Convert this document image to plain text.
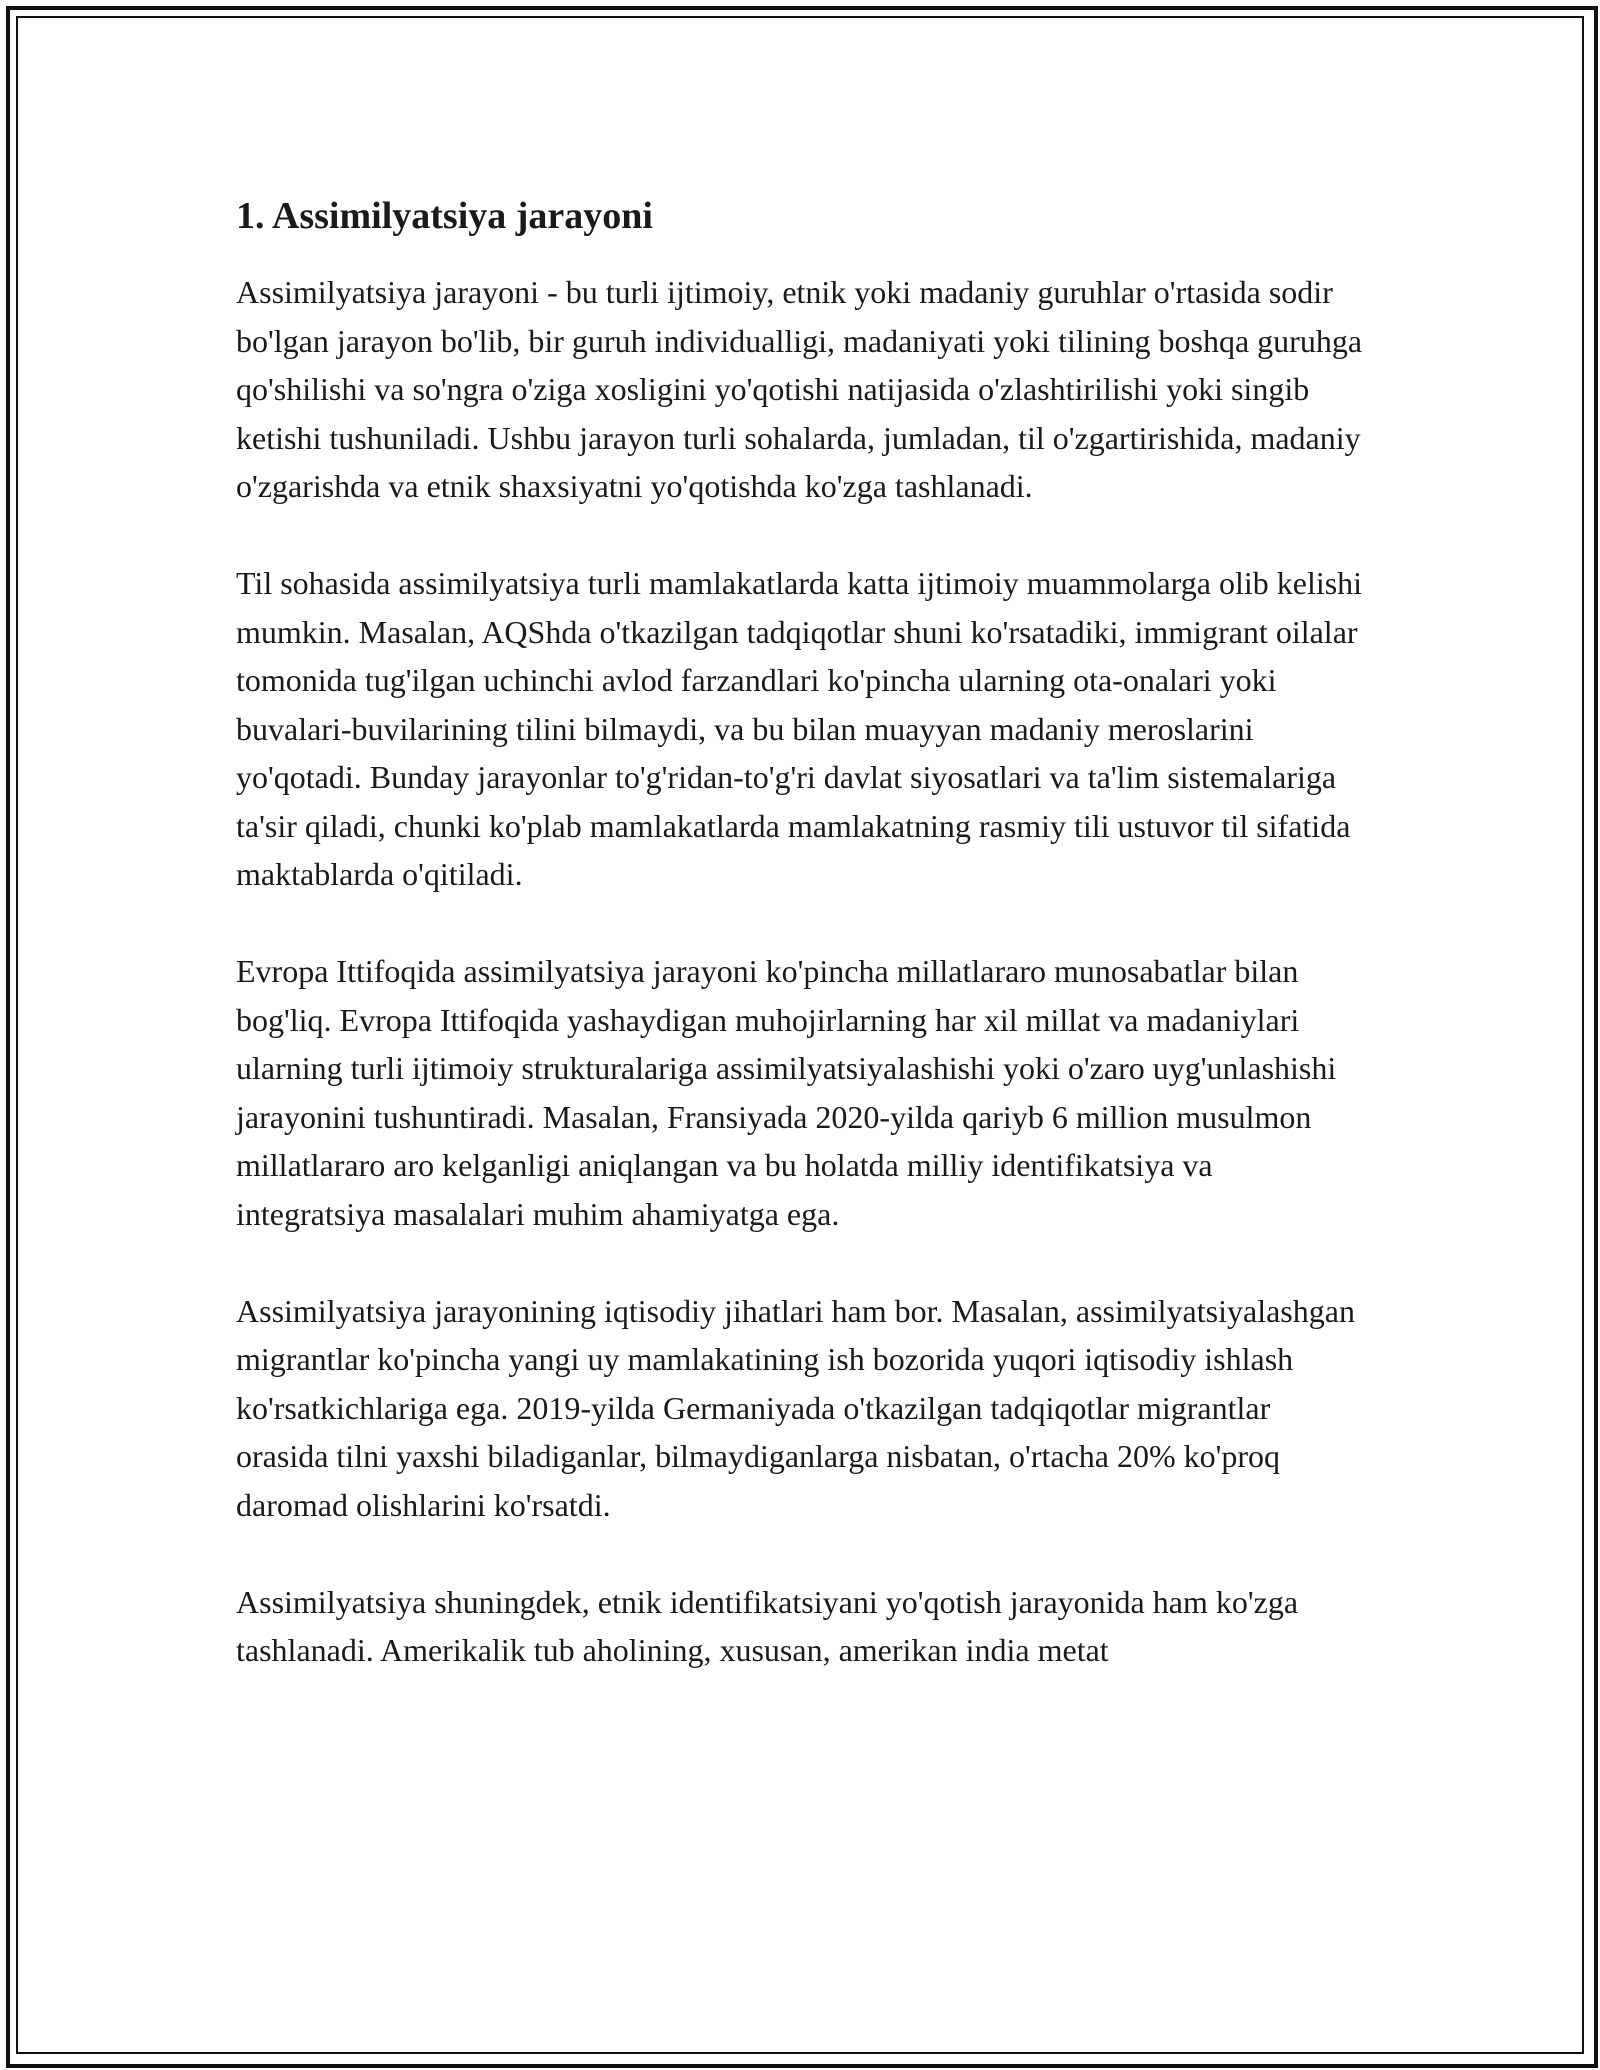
1. Assimilyatsiya jarayoni

Assimilyatsiya jarayoni - bu turli ijtimoiy, etnik yoki madaniy guruhlar o'rtasida sodir bo'lgan jarayon bo'lib, bir guruh individualligi, madaniyati yoki tilining boshqa guruhga qo'shilishi va so'ngra o'ziga xosligini yo'qotishi natijasida o'zlashtirilishi yoki singib ketishi tushuniladi. Ushbu jarayon turli sohalarda, jumladan, til o'zgartirishida, madaniy o'zgarishda va etnik shaxsiyatni yo'qotishda ko'zga tashlanadi.

Til sohasida assimilyatsiya turli mamlakatlarda katta ijtimoiy muammolarga olib kelishi mumkin. Masalan, AQShda o'tkazilgan tadqiqotlar shuni ko'rsatadiki, immigrant oilalar tomonida tug'ilgan uchinchi avlod farzandlari ko'pincha ularning ota-onalari yoki buvalari-buvilarining tilini bilmaydi, va bu bilan muayyan madaniy meroslarini yo'qotadi. Bunday jarayonlar to'g'ridan-to'g'ri davlat siyosatlari va ta'lim sistemalariga ta'sir qiladi, chunki ko'plab mamlakatlarda mamlakatning rasmiy tili ustuvor til sifatida maktablarda o'qitiladi.

Evropa Ittifoqida assimilyatsiya jarayoni ko'pincha millatlararo munosabatlar bilan bog'liq. Evropa Ittifoqida yashaydigan muhojirlarning har xil millat va madaniylari ularning turli ijtimoiy strukturalariga assimilyatsiyalashishi yoki o'zaro uyg'unlashishi jarayonini tushuntiradi. Masalan, Fransiyada 2020-yilda qariyb 6 million musulmon millatlararo aro kelganligi aniqlangan va bu holatda milliy identifikatsiya va integratsiya masalalari muhim ahamiyatga ega.

Assimilyatsiya jarayonining iqtisodiy jihatlari ham bor. Masalan, assimilyatsiyalashgan migrantlar ko'pincha yangi uy mamlakatining ish bozorida yuqori iqtisodiy ishlash ko'rsatkichlariga ega. 2019-yilda Germaniyada o'tkazilgan tadqiqotlar migrantlar orasida tilni yaxshi biladiganlar, bilmaydiganlarga nisbatan, o'rtacha 20% ko'proq daromad olishlarini ko'rsatdi.

Assimilyatsiya shuningdek, etnik identifikatsiyani yo'qotish jarayonida ham ko'zga tashlanadi. Amerikalik tub aholining, xususan, amerikan india metat
